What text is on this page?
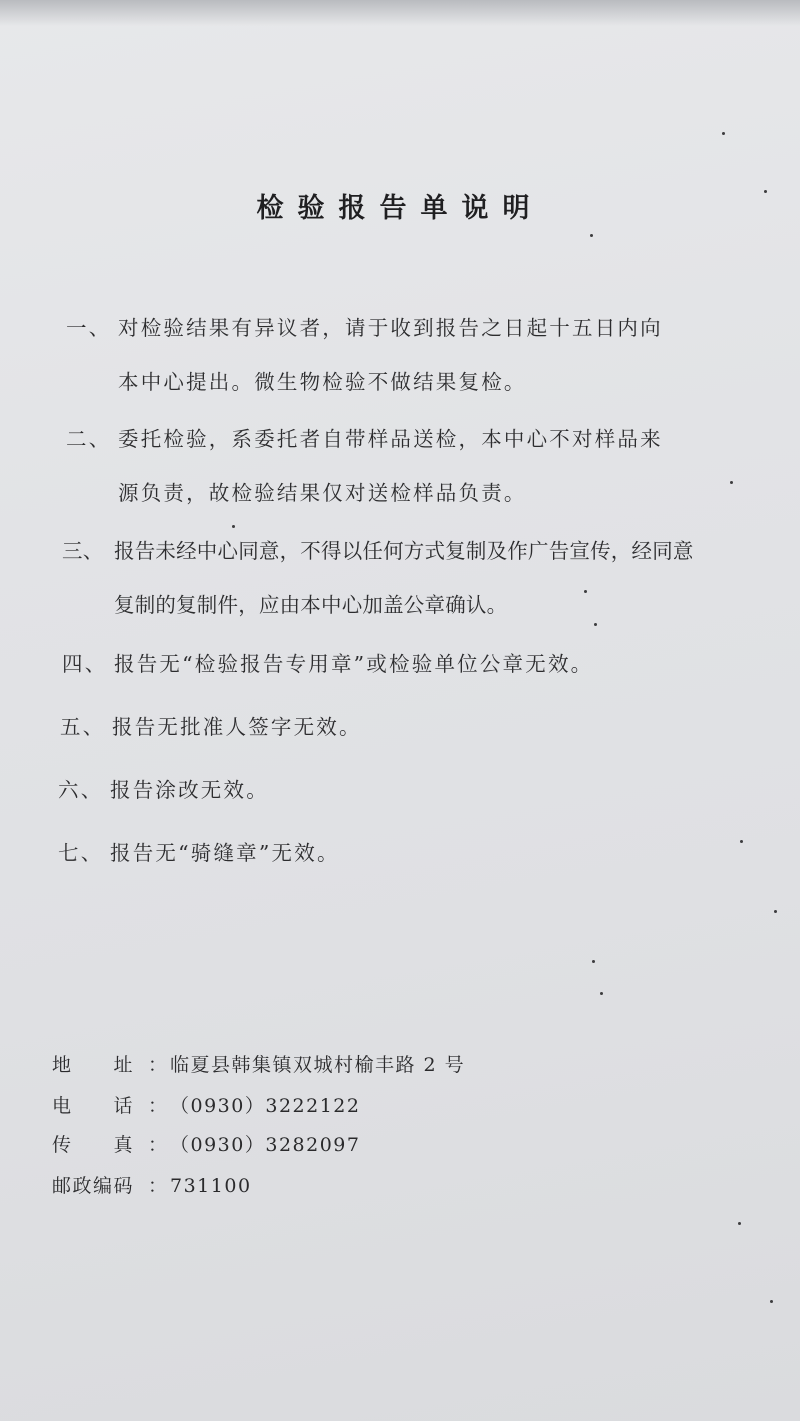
检验报告单说明
一、 对检验结果有异议者，请于收到报告之日起十五日内向
本中心提出。微生物检验不做结果复检。
二、 委托检验，系委托者自带样品送检，本中心不对样品来
源负责，故检验结果仅对送检样品负责。
三、 报告未经中心同意，不得以任何方式复制及作广告宣传，经同意
复制的复制件，应由本中心加盖公章确认。
四、 报告无“检验报告专用章”或检验单位公章无效。
五、 报告无批准人签字无效。
六、 报告涂改无效。
七、 报告无“骑缝章”无效。
地　　址 ：临夏县韩集镇双城村榆丰路 2 号
电　　话 ：（0930）3222122
传　　真 ：（0930）3282097
邮政编码 ：731100
